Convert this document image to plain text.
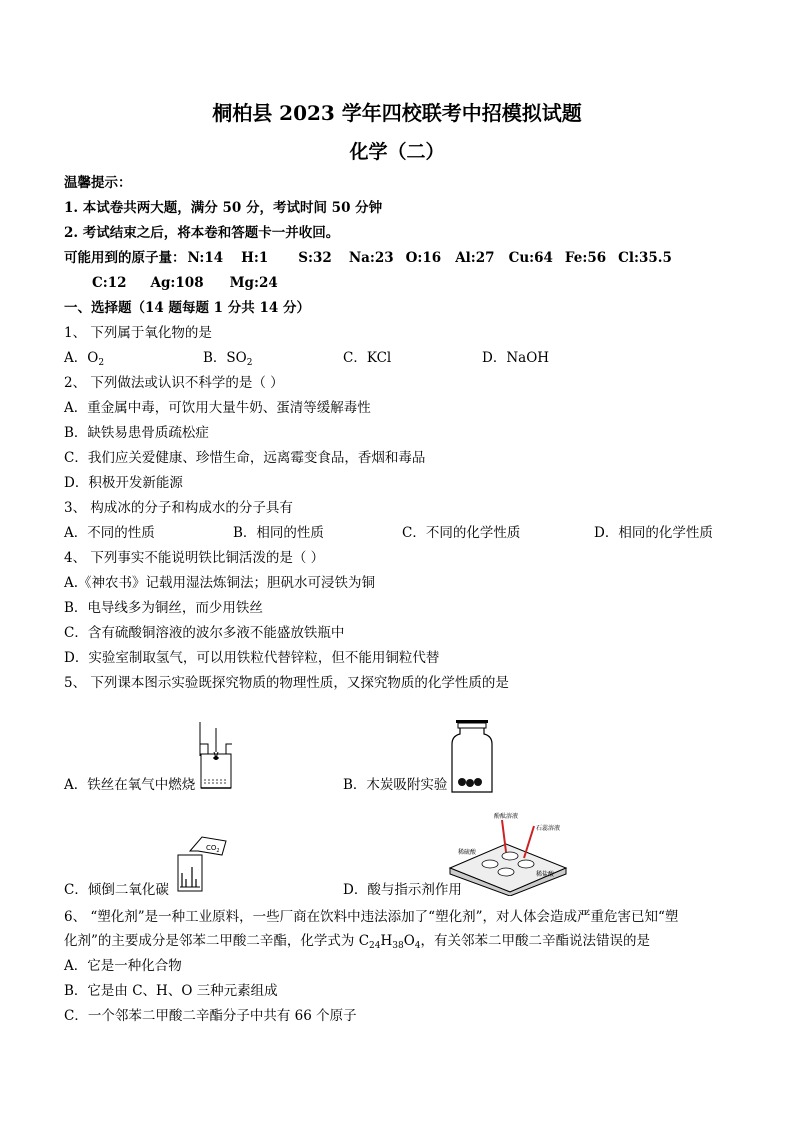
桐柏县 2023 学年四校联考中招模拟试题
化学（二）
温馨提示：
1. 本试卷共两大题，满分 50 分，考试时间 50 分钟
2. 考试结束之后，将本卷和答题卡一并收回。
可能用到的原子量： N:14 H:1 S:32 Na:23 O:16 Al:27 Cu:64 Fe:56 Cl:35.5
C:12 Ag:108 Mg:24
一、选择题（14 题每题 1 分共 14 分）
1、 下列属于氧化物的是
A．$O_2$	B．$SO_2$	C．KCl	D．NaOH
2、 下列做法或认识不科学的是（ ）
A．重金属中毒，可饮用大量牛奶、蛋清等缓解毒性
B．缺铁易患骨质疏松症
C．我们应关爱健康、珍惜生命，远离霉变食品，香烟和毒品
D．积极开发新能源
3、 构成冰的分子和构成水的分子具有
A．不同的性质	B．相同的性质	C．不同的化学性质	D．相同的化学性质
4、 下列事实不能说明铁比铜活泼的是（ ）
A.《神农书》记载用湿法炼铜法；胆矾水可浸铁为铜
B．电导线多为铜丝，而少用铁丝
C．含有硫酸铜溶液的波尔多液不能盛放铁瓶中
D．实验室制取氢气，可以用铁粒代替锌粒，但不能用铜粒代替
5、 下列课本图示实验既探究物质的物理性质，又探究物质的化学性质的是
A．铁丝在氧气中燃烧	B．木炭吸附实验
$CO_2$
C．倾倒二氧化碳
酚酞溶液
石蕊溶液
稀硫酸
稀盐酸
D．酸与指示剂作用
6、 “塑化剂”是一种工业原料，一些厂商在饮料中违法添加了“塑化剂”，对人体会造成严重危害已知“塑
化剂”的主要成分是邻苯二甲酸二辛酯，化学式为 $C_{24}H_{38}O_4$，有关邻苯二甲酸二辛酯说法错误的是
A．它是一种化合物
B．它是由 C、H、O 三种元素组成
C．一个邻苯二甲酸二辛酯分子中共有 66 个原子
